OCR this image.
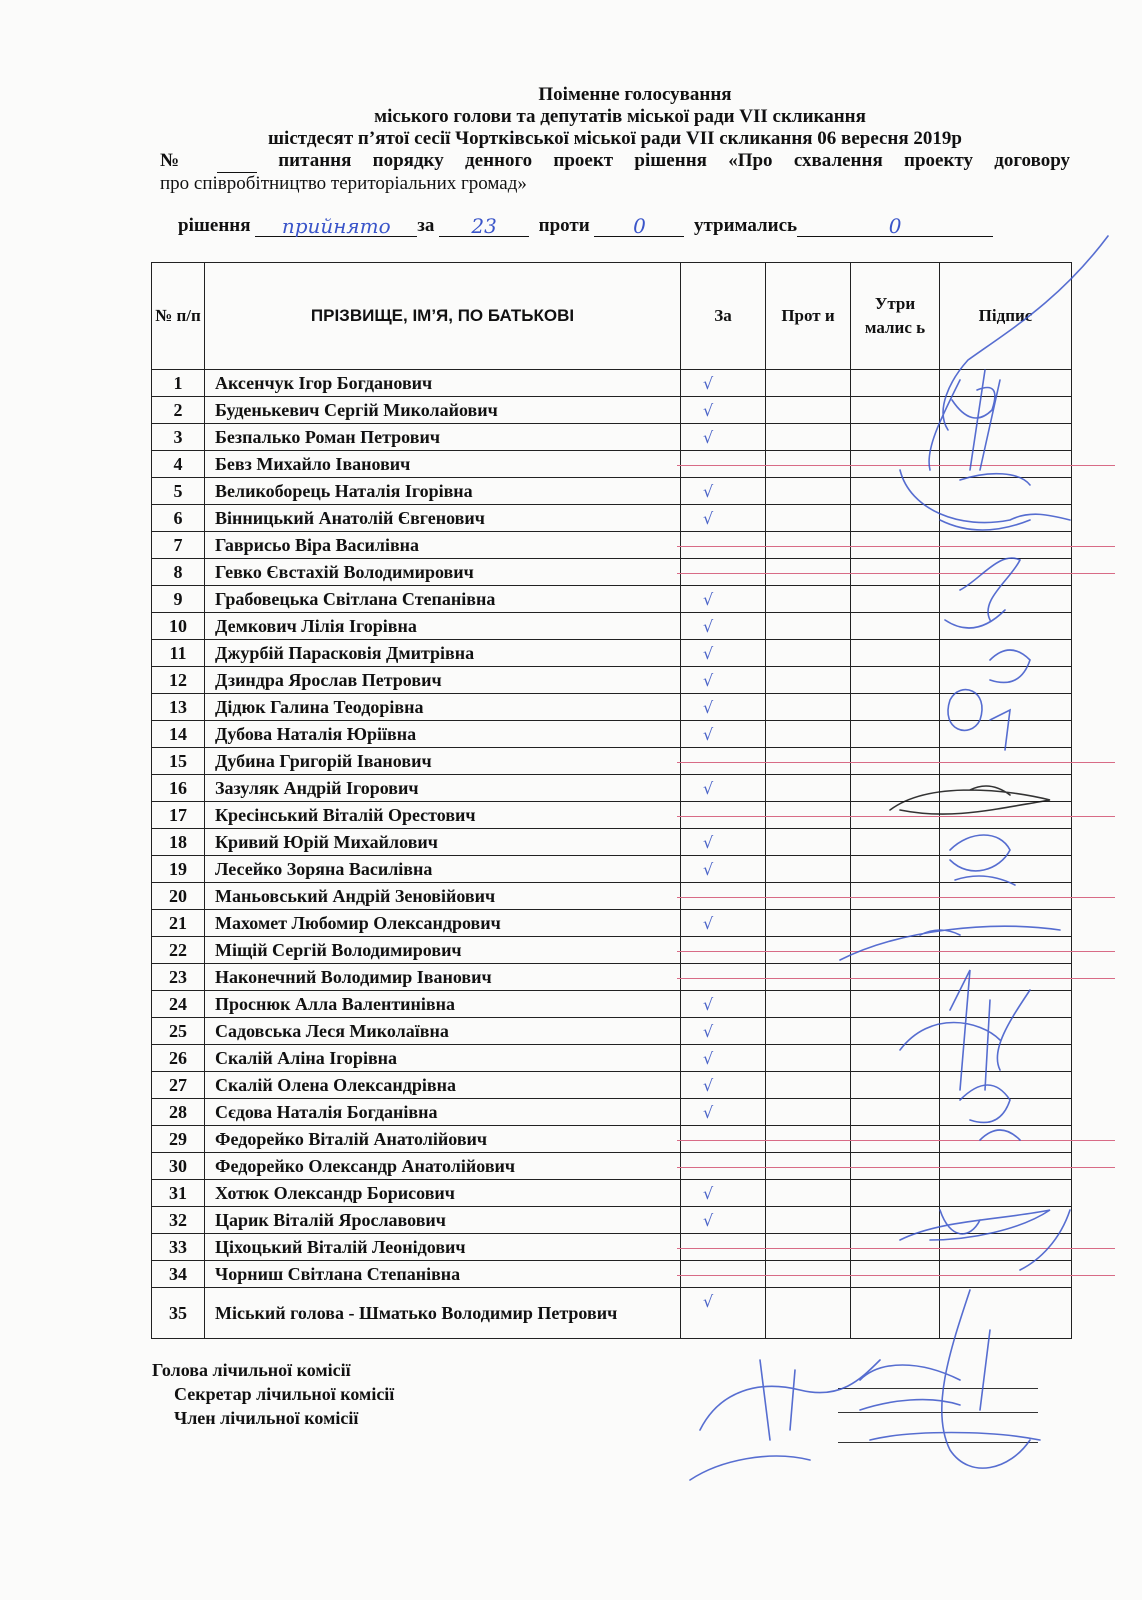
Поіменне голосування
міського голови та депутатів міської ради VII скликання
шістдесят п’ятої сесії Чортківської міської ради VII скликання 06 вересня 2019р
№	питання порядку денного проект рішення «Про схвалення проекту договору
про співробітництво територіальних громад»
рішення прийнято за 23 проти 0	утримались	0
№ п/п	ПРІЗВИЩЕ, ІМ’Я, ПО БАТЬКОВІ	За	Прот и	Утри малис ь	Підпис
1	Аксенчук Ігор Богданович	√			

2	Буденькевич Сергій Миколайович	√			

3	Безпалько Роман Петрович	√			

4	Бевз Михайло Іванович	

5	Великоборець Наталія Ігорівна	√			

6	Вінницький Анатолій Євгенович	√			

7	Гаврисьо Віра Василівна	

8	Гевко Євстахій Володимирович	

9	Грабовецька Світлана Степанівна	√			

10	Демкович Лілія Ігорівна	√			

11	Джурбій Парасковія Дмитрівна	√			

12	Дзиндра Ярослав Петрович	√			

13	Дідюк Галина Теодорівна	√			

14	Дубова Наталія Юріївна	√			

15	Дубина Григорій Іванович	

16	Зазуляк Андрій Ігорович	√			

17	Кресінський Віталій Орестович	

18	Кривий Юрій Михайлович	√			

19	Лесейко Зоряна Василівна	√			

20	Маньовський Андрій Зеновійович	

21	Махомет Любомир Олександрович	√			

22	Міщій Сергій Володимирович	

23	Наконечний Володимир Іванович	

24	Проснюк Алла Валентинівна	√			

25	Садовська Леся Миколаївна	√			

26	Скалій Аліна Ігорівна	√			

27	Скалій Олена Олександрівна	√			

28	Сєдова Наталія Богданівна	√			

29	Федорейко Віталій Анатолійович	

30	Федорейко Олександр Анатолійович	

31	Хотюк Олександр Борисович	√			

32	Царик Віталій Ярославович	√			

33	Ціхоцький Віталій Леонідович	

34	Чорниш Світлана Степанівна	

35	Міський голова - Шматько Володимир Петрович	√			

Голова лічильної комісії
Секретар лічильної комісії
Член лічильної комісії
